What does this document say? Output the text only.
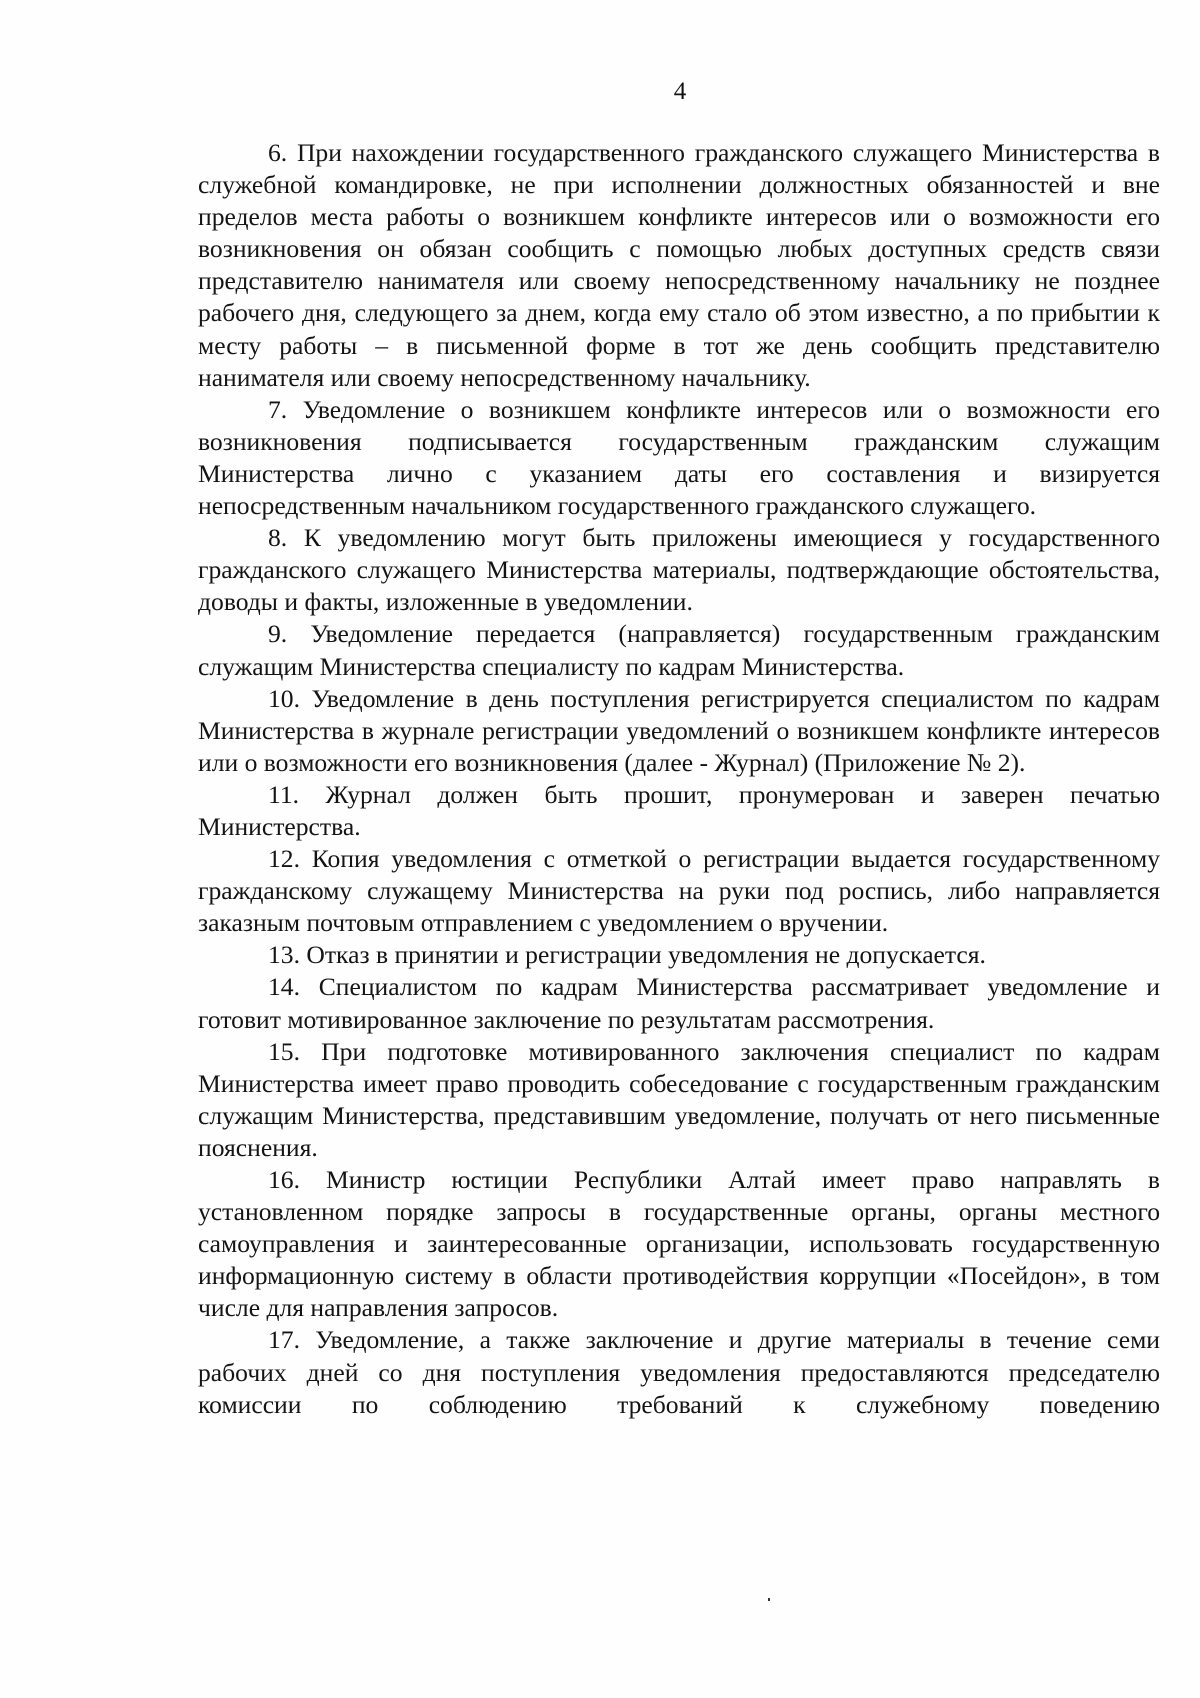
4

6. При нахождении государственного гражданского служащего Министерства в служебной командировке, не при исполнении должностных обязанностей и вне пределов места работы о возникшем конфликте интересов или о возможности его возникновения он обязан сообщить с помощью любых доступных средств связи представителю нанимателя или своему непосредственному начальнику не позднее рабочего дня, следующего за днем, когда ему стало об этом известно, а по прибытии к месту работы – в письменной форме в тот же день сообщить представителю нанимателя или своему непосредственному начальнику.

7. Уведомление о возникшем конфликте интересов или о возможности его возникновения подписывается государственным гражданским служащим Министерства лично с указанием даты его составления и визируется непосредственным начальником государственного гражданского служащего.

8. К уведомлению могут быть приложены имеющиеся у государственного гражданского служащего Министерства материалы, подтверждающие обстоятельства, доводы и факты, изложенные в уведомлении.

9. Уведомление передается (направляется) государственным гражданским служащим Министерства специалисту по кадрам Министерства.

10. Уведомление в день поступления регистрируется специалистом по кадрам Министерства в журнале регистрации уведомлений о возникшем конфликте интересов или о возможности его возникновения (далее - Журнал) (Приложение № 2).

11. Журнал должен быть прошит, пронумерован и заверен печатью Министерства.

12. Копия уведомления с отметкой о регистрации выдается государственному гражданскому служащему Министерства на руки под роспись, либо направляется заказным почтовым отправлением с уведомлением о вручении.

13. Отказ в принятии и регистрации уведомления не допускается.

14. Специалистом по кадрам Министерства рассматривает уведомление и готовит мотивированное заключение по результатам рассмотрения.

15. При подготовке мотивированного заключения специалист по кадрам Министерства имеет право проводить собеседование с государственным гражданским служащим Министерства, представившим уведомление, получать от него письменные пояснения.

16. Министр юстиции Республики Алтай имеет право направлять в установленном порядке запросы в государственные органы, органы местного самоуправления и заинтересованные организации, использовать государственную информационную систему в области противодействия коррупции «Посейдон», в том числе для направления запросов.

17. Уведомление, а также заключение и другие материалы в течение семи рабочих дней со дня поступления уведомления предоставляются председателю комиссии по соблюдению требований к служебному поведению
